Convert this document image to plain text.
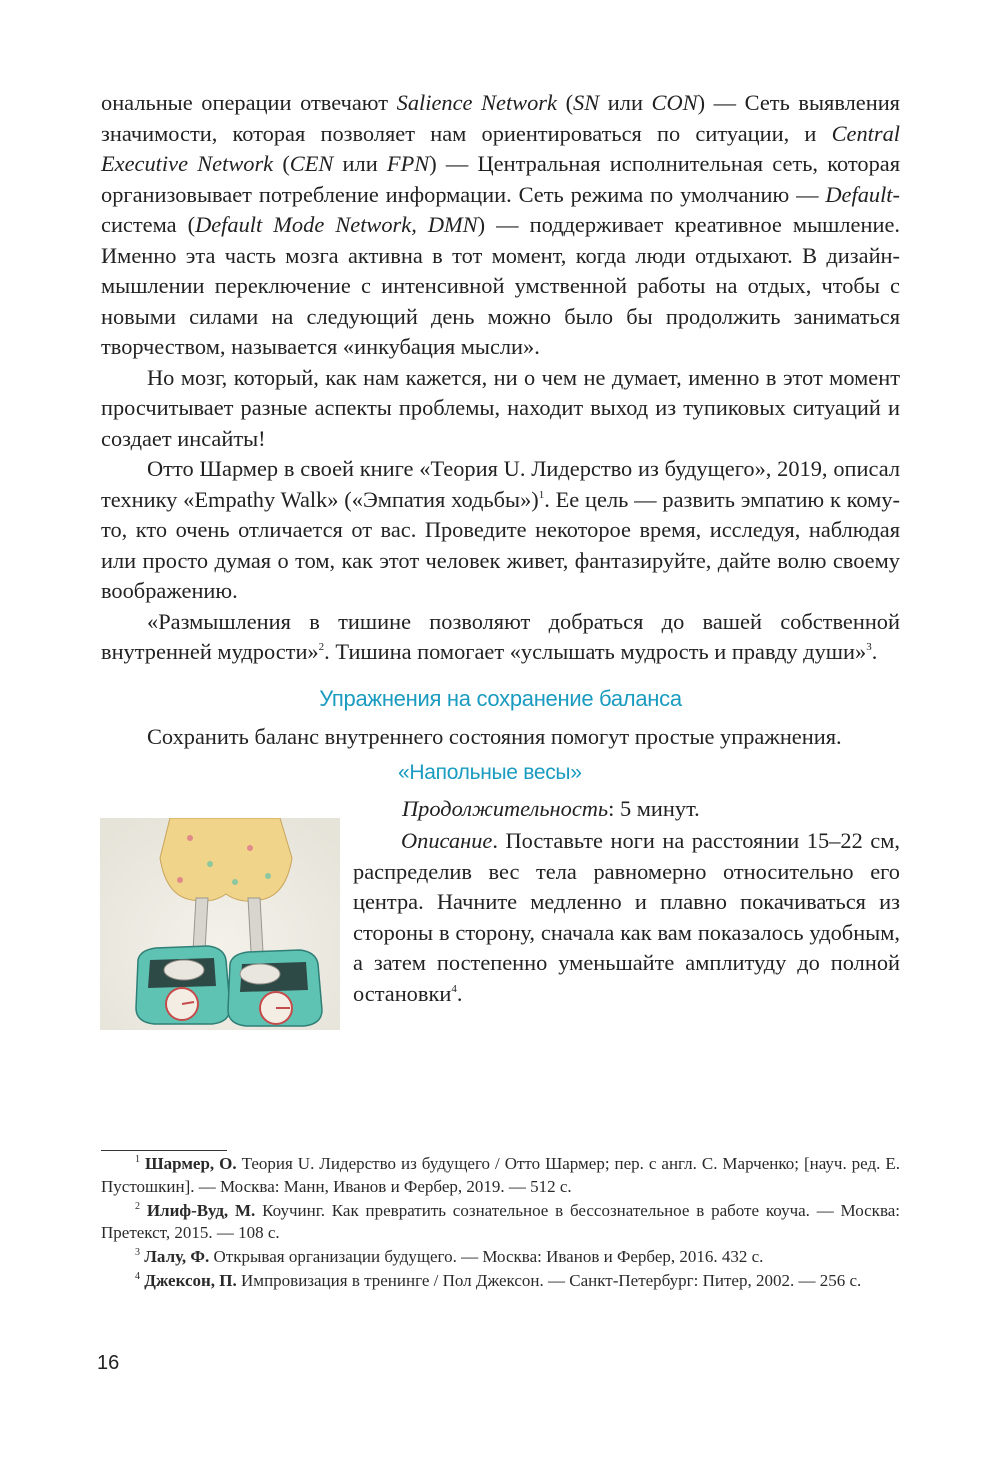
ональные операции отвечают Salience Network (SN или CON) — Сеть выявления значимости, которая позволяет нам ориентироваться по ситуации, и Central Executive Network (CEN или FPN) — Центральная исполнительная сеть, которая организовывает потребление информации. Сеть режима по умолчанию — Default-система (Default Mode Network, DMN) — поддерживает креативное мышление. Именно эта часть мозга активна в тот момент, когда люди отдыхают. В дизайн-мышлении переключение с интенсивной умственной работы на отдых, чтобы с новыми силами на следующий день можно было бы продолжить заниматься творчеством, называется «инкубация мысли».

Но мозг, который, как нам кажется, ни о чем не думает, именно в этот момент просчитывает разные аспекты проблемы, находит выход из тупиковых ситуаций и создает инсайты!

Отто Шармер в своей книге «Теория U. Лидерство из будущего», 2019, описал технику «Empathy Walk» («Эмпатия ходьбы»)$^1$. Ее цель — развить эмпатию к кому-то, кто очень отличается от вас. Проведите некоторое время, исследуя, наблюдая или просто думая о том, как этот человек живет, фантазируйте, дайте волю своему воображению.

«Размышления в тишине позволяют добраться до вашей собственной внутренней мудрости»$^2$. Тишина помогает «услышать мудрость и правду души»$^3$.

Упражнения на сохранение баланса

Сохранить баланс внутреннего состояния помогут простые упражнения.

«Напольные весы»

Продолжительность: 5 минут.

Описание. Поставьте ноги на расстоянии 15–22 см, распределив вес тела равномерно относительно его центра. Начните медленно и плавно покачиваться из стороны в сторону, сначала как вам показалось удобным, а затем постепенно уменьшайте амплитуду до полной остановки$^4$.

$^1$ Шармер, О. Теория U. Лидерство из будущего / Отто Шармер; пер. с англ. С. Марченко; [науч. ред. Е. Пустошкин]. — Москва: Манн, Иванов и Фербер, 2019. — 512 с.

$^2$ Илиф-Вуд, М. Коучинг. Как превратить сознательное в бессознательное в работе коуча. — Москва: Претекст, 2015. — 108 с.

$^3$ Лалу, Ф. Открывая организации будущего. — Москва: Иванов и Фербер, 2016. 432 с.

$^4$ Джексон, П. Импровизация в тренинге / Пол Джексон. — Санкт-Петербург: Питер, 2002. — 256 с.

16
